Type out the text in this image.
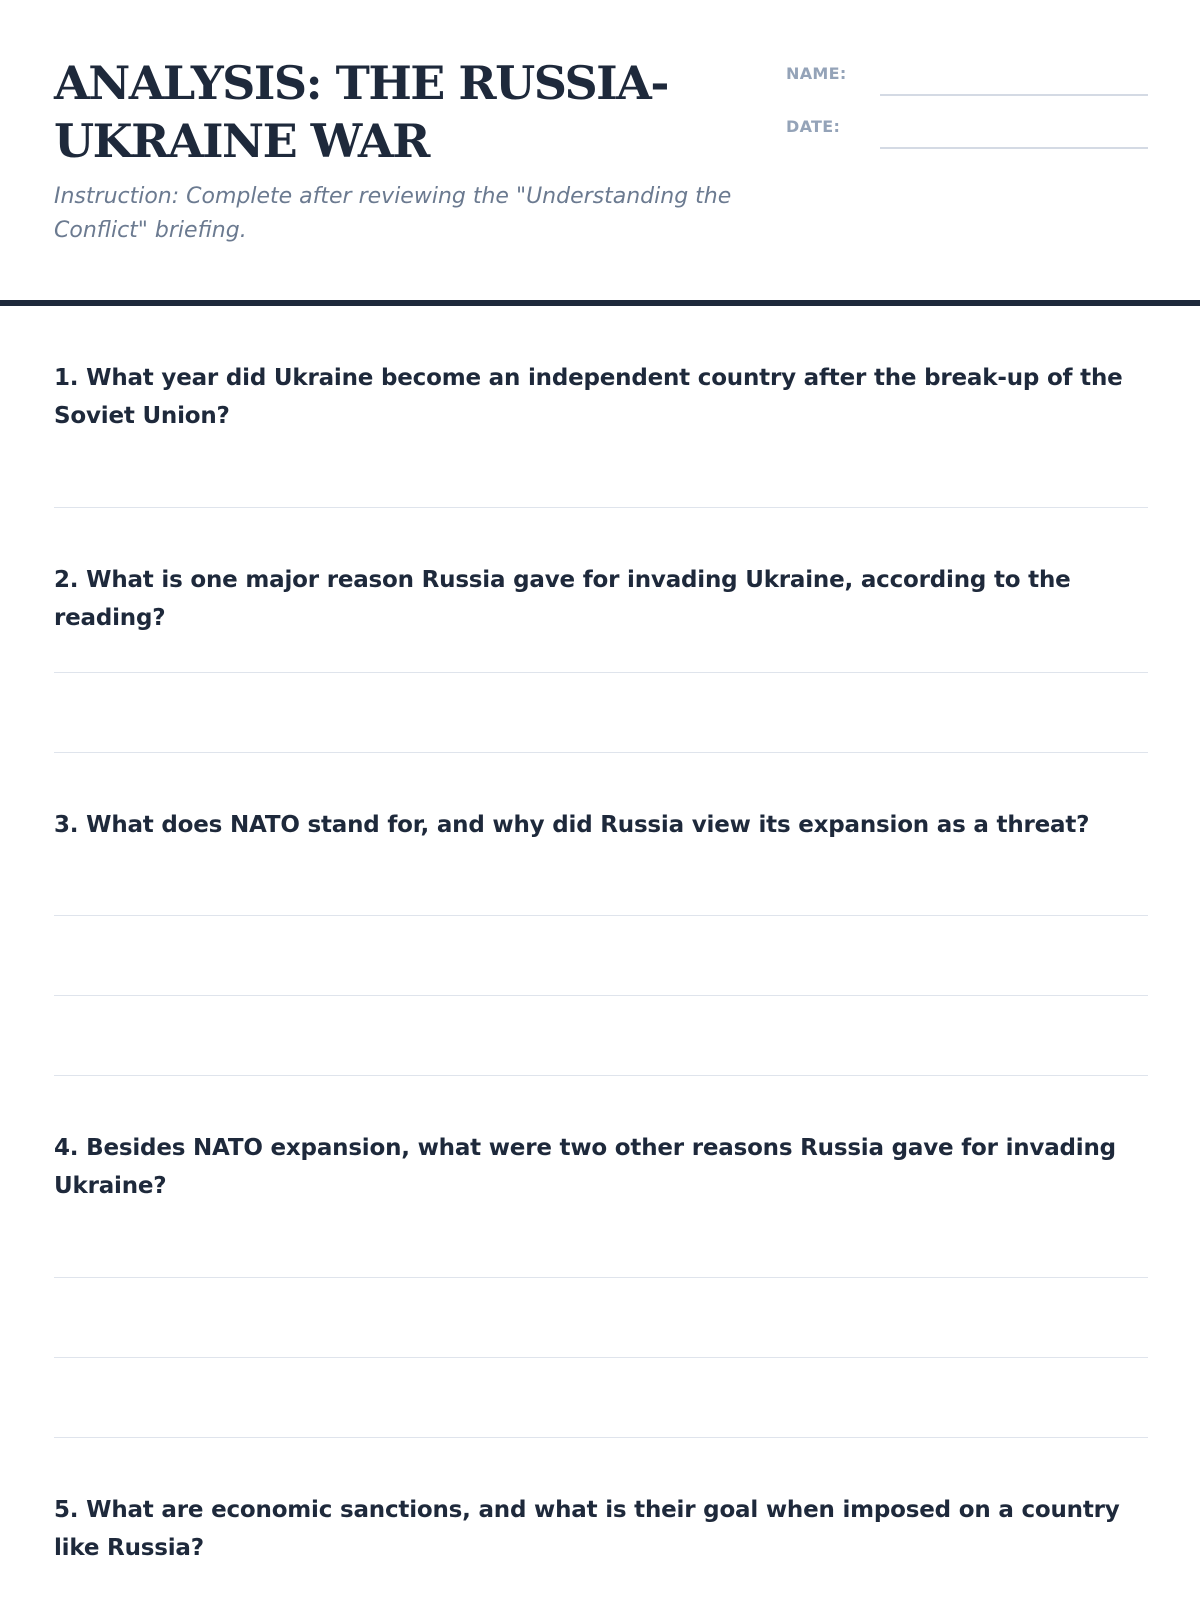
ANALYSIS: THE RUSSIA-UKRAINE WAR

Instruction: Complete after reviewing the "Understanding the Conflict" briefing.

NAME:
DATE:

1. What year did Ukraine become an independent country after the break-up of the Soviet Union?

2. What is one major reason Russia gave for invading Ukraine, according to the reading?

3. What does NATO stand for, and why did Russia view its expansion as a threat?

4. Besides NATO expansion, what were two other reasons Russia gave for invading Ukraine?

5. What are economic sanctions, and what is their goal when imposed on a country like Russia?
